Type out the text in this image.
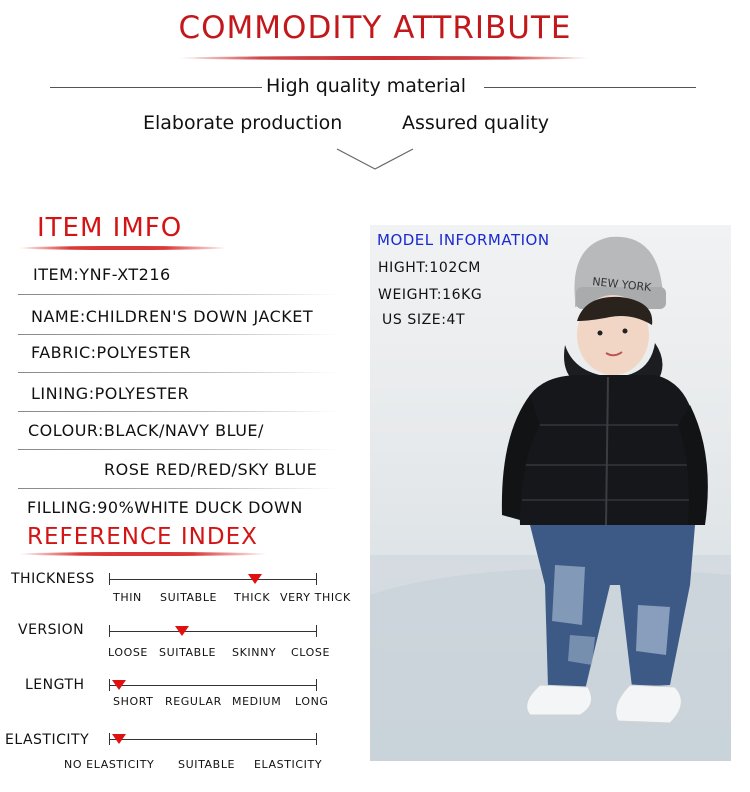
COMMODITY ATTRIBUTE
High quality material
Elaborate production	Assured quality
ITEM IMFO
ITEM:YNF-XT216
NAME:CHILDREN'S DOWN JACKET
FABRIC:POLYESTER
LINING:POLYESTER
COLOUR:BLACK/NAVY BLUE/
ROSE RED/RED/SKY BLUE
FILLING:90%WHITE DUCK DOWN
REFERENCE INDEX
THICKNESS
THIN SUITABLE THICK VERY THICK
VERSION
LOOSE SUITABLE SKINNY CLOSE
LENGTH
SHORT REGULAR MEDIUM LONG
ELASTICITY
NO ELASTICITY SUITABLE ELASTICITY
NEW YORK
MODEL INFORMATION
HIGHT:102CM
WEIGHT:16KG
US SIZE:4T
